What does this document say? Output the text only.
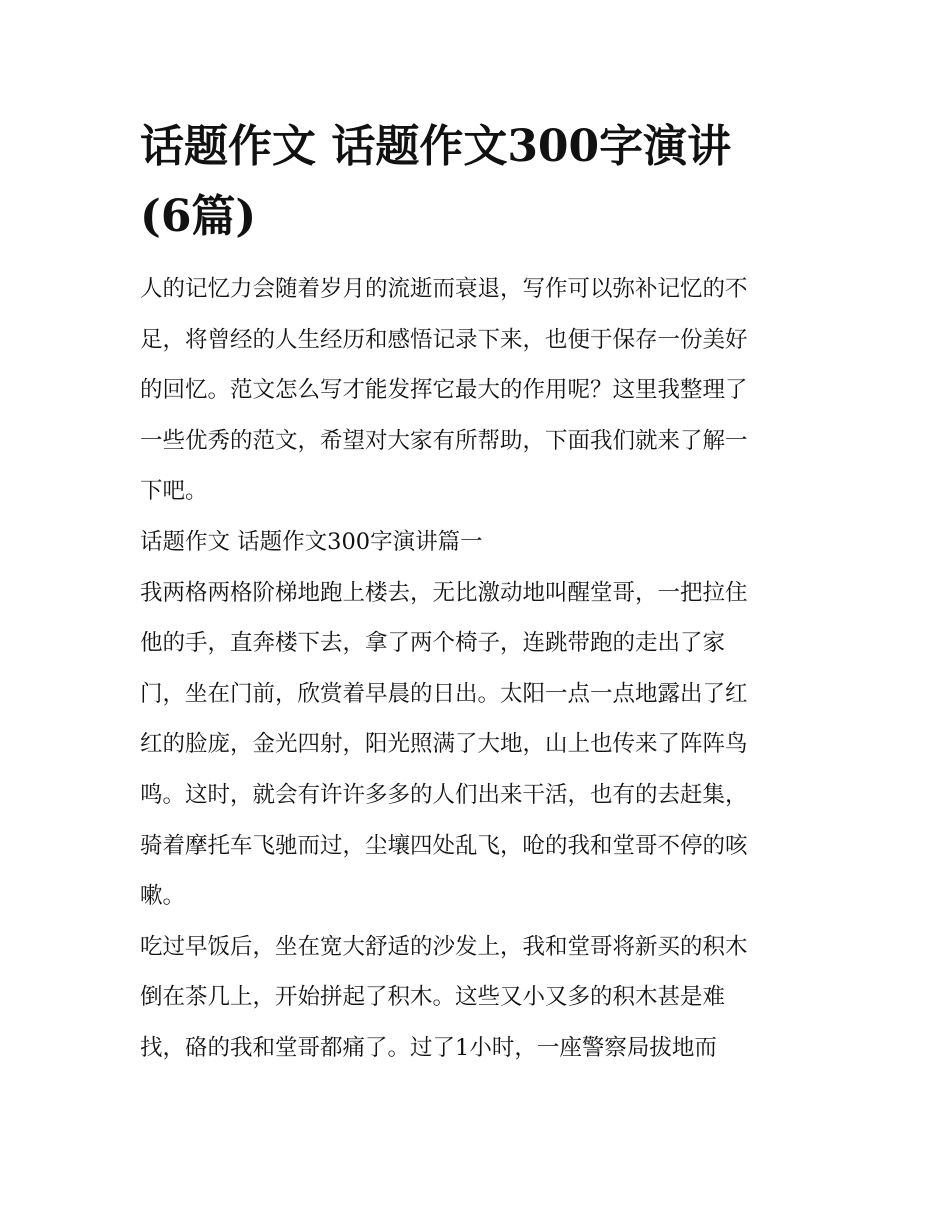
话题作文 话题作文300字演讲
(6篇)
人的记忆力会随着岁月的流逝而衰退，写作可以弥补记忆的不
足，将曾经的人生经历和感悟记录下来，也便于保存一份美好
的回忆。范文怎么写才能发挥它最大的作用呢？这里我整理了
一些优秀的范文，希望对大家有所帮助，下面我们就来了解一
下吧。
话题作文 话题作文300字演讲篇一
我两格两格阶梯地跑上楼去，无比激动地叫醒堂哥，一把拉住
他的手，直奔楼下去，拿了两个椅子，连跳带跑的走出了家
门，坐在门前，欣赏着早晨的日出。太阳一点一点地露出了红
红的脸庞，金光四射，阳光照满了大地，山上也传来了阵阵鸟
鸣。这时，就会有许许多多的人们出来干活，也有的去赶集，
骑着摩托车飞驰而过，尘壤四处乱飞，呛的我和堂哥不停的咳
嗽。
吃过早饭后，坐在宽大舒适的沙发上，我和堂哥将新买的积木
倒在茶几上，开始拼起了积木。这些又小又多的积木甚是难
找，硌的我和堂哥都痛了。过了1小时，一座警察局拔地而
